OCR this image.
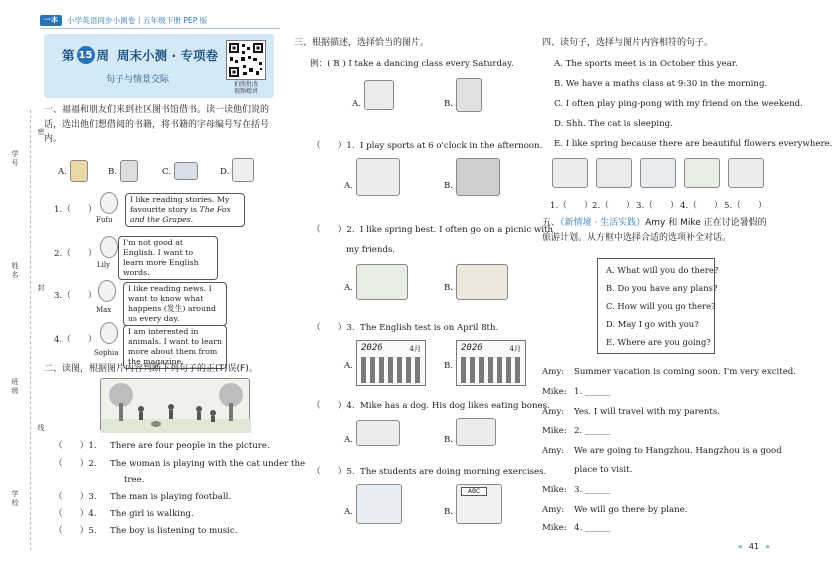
一本	小学英语同步小测卷丨五年级下册 PEP 版
第 15 周 周末小测 · 专项卷
句子与情景交际	拍照批改
视频精讲
学号
姓名
班级
学校
密
封
线
一、福福和朋友们来到社区图书馆借书。读一读他们说的话，选出他们想借阅的书籍，将书籍的字母编号写在括号内。
A.	B.	C.	D.
1.（　　）
Fufu
I like reading stories. My favourite story is The Fox and the Grapes.
2.（　　）
Lily
I'm not good at English. I want to learn more English words.
3.（　　）
Max
I like reading news. I want to know what happens (发生) around us every day.
4.（　　）
Sophia
I am interested in animals. I want to learn more about them from the magazine.
二、读图，根据图片内容判断下列句子的正(T)误(F)。
（　　）1. There are four people in the picture.
（　　）2. The woman is playing with the cat under the
tree.
（　　）3. The man is playing football.
（　　）4. The girl is walking.
（　　）5. The boy is listening to music.
三、根据描述，选择恰当的图片。
例：( B ) I take a dancing class every Saturday.
A.	B.
（　　）1. I play sports at 6 o'clock in the afternoon.
A.	B.
（　　）2. I like spring best. I often go on a picnic with
my friends.
A.	B.
（　　）3. The English test is on April 8th.
A.
2026	4月
B.
2026	4月
（　　）4. Mike has a dog. His dog likes eating bones.
A.	B.
（　　）5. The students are doing morning exercises.
A.	B.
ABC
四、读句子，选择与图片内容相符的句子。
A. The sports meet is in October this year.
B. We have a maths class at 9:30 in the morning.
C. I often play ping-pong with my friend on the weekend.
D. Shh. The cat is sleeping.
E. I like spring because there are beautiful flowers everywhere.
1.（　　） 2.（　　） 3.（　　） 4.（　　） 5.（　　）
五、（新情境 · 生活实践）Amy 和 Mike 正在讨论暑假的旅游计划。从方框中选择合适的选项补全对话。
A. What will you do there?
B. Do you have any plans?
C. How will you go there?
D. May I go with you?
E. Where are you going?
Amy: Summer vacation is coming soon. I'm very excited.
Mike: 1. ______
Amy: Yes. I will travel with my parents.
Mike: 2. ______
Amy: We are going to Hangzhou. Hangzhou is a good
place to visit.
Mike: 3. ______
Amy: We will go there by plane.
Mike: 4. ______
« 41 »
